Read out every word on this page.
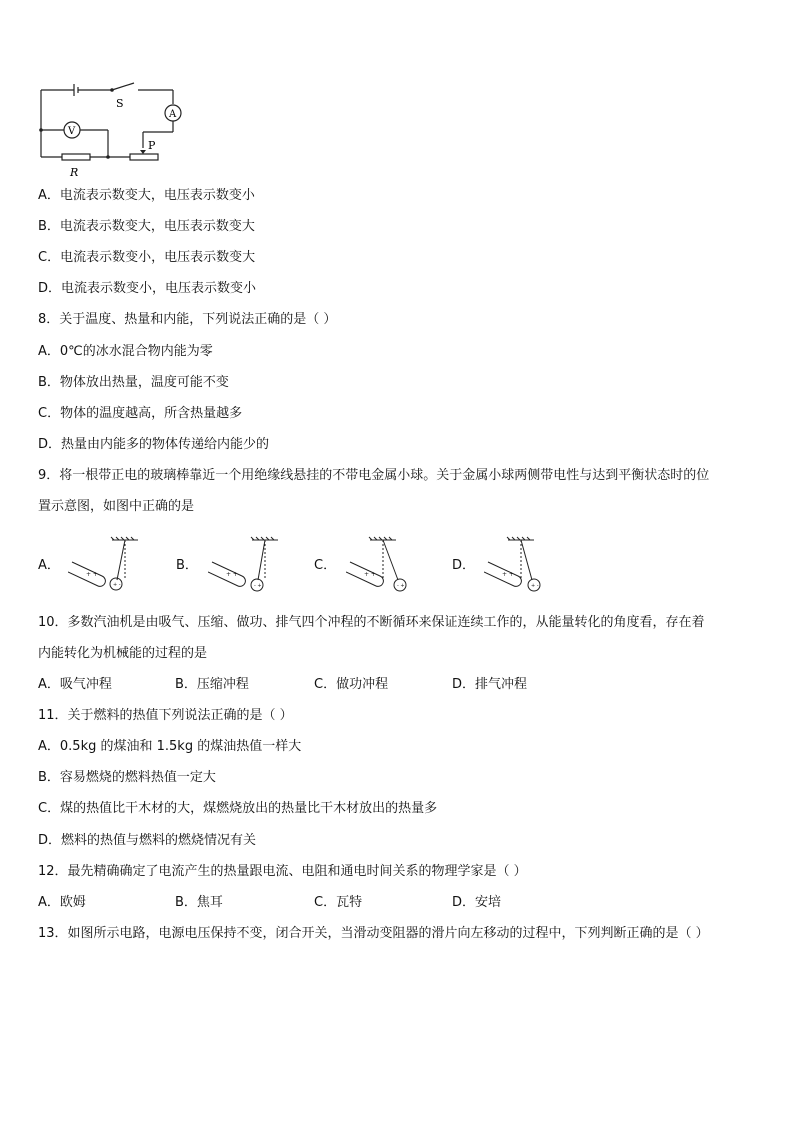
S
A
V
P
R
A．电流表示数变大，电压表示数变小
B．电流表示数变大，电压表示数变大
C．电流表示数变小，电压表示数变大
D．电流表示数变小，电压表示数变小
8．关于温度、热量和内能，下列说法正确的是（ ）
A．0℃的冰水混合物内能为零
B．物体放出热量，温度可能不变
C．物体的温度越高，所含热量越多
D．热量由内能多的物体传递给内能少的
9．将一根带正电的玻璃棒靠近一个用绝缘线悬挂的不带电金属小球。关于金属小球两侧带电性与达到平衡状态时的位
置示意图，如图中正确的是
A．
+ +
+ -
B．
+ +
- +
C．
+ +
- +
D．
+ +
+ -
10．多数汽油机是由吸气、压缩、做功、排气四个冲程的不断循环来保证连续工作的，从能量转化的角度看，存在着
内能转化为机械能的过程的是
A．吸气冲程	B．压缩冲程	C．做功冲程	D．排气冲程
11．关于燃料的热值下列说法正确的是（ ）
A．0.5kg 的煤油和 1.5kg 的煤油热值一样大
B．容易燃烧的燃料热值一定大
C．煤的热值比干木材的大，煤燃烧放出的热量比干木材放出的热量多
D．燃料的热值与燃料的燃烧情况有关
12．最先精确确定了电流产生的热量跟电流、电阻和通电时间关系的物理学家是（ ）
A．欧姆	B．焦耳	C．瓦特	D．安培
13．如图所示电路，电源电压保持不变，闭合开关，当滑动变阻器的滑片向左移动的过程中，下列判断正确的是（ ）
